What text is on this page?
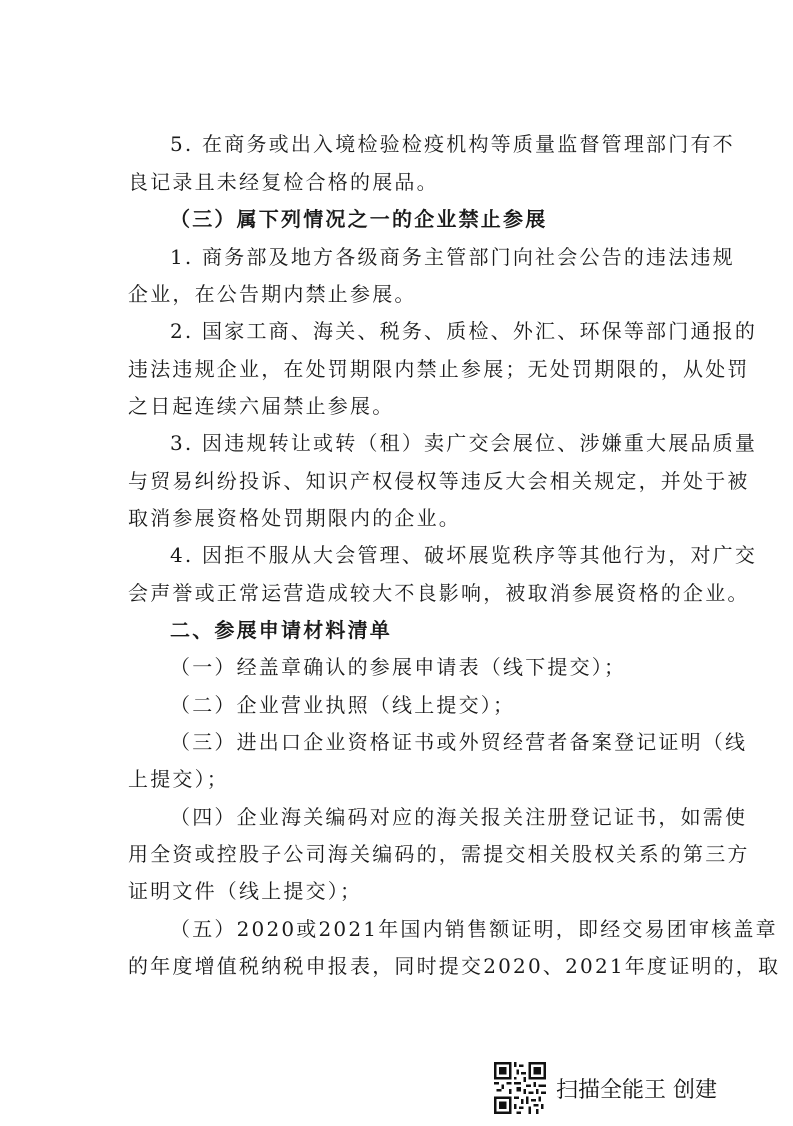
5. 在商务或出入境检验检疫机构等质量监督管理部门有不
良记录且未经复检合格的展品。
（三）属下列情况之一的企业禁止参展
1. 商务部及地方各级商务主管部门向社会公告的违法违规
企业，在公告期内禁止参展。
2. 国家工商、海关、税务、质检、外汇、环保等部门通报的
违法违规企业，在处罚期限内禁止参展；无处罚期限的，从处罚
之日起连续六届禁止参展。
3. 因违规转让或转（租）卖广交会展位、涉嫌重大展品质量
与贸易纠纷投诉、知识产权侵权等违反大会相关规定，并处于被
取消参展资格处罚期限内的企业。
4. 因拒不服从大会管理、破坏展览秩序等其他行为，对广交
会声誉或正常运营造成较大不良影响，被取消参展资格的企业。
二、参展申请材料清单
（一）经盖章确认的参展申请表（线下提交）；
（二）企业营业执照（线上提交）；
（三）进出口企业资格证书或外贸经营者备案登记证明（线
上提交）；
（四）企业海关编码对应的海关报关注册登记证书，如需使
用全资或控股子公司海关编码的，需提交相关股权关系的第三方
证明文件（线上提交）；
（五）2020或2021年国内销售额证明，即经交易团审核盖章
的年度增值税纳税申报表，同时提交2020、2021年度证明的，取
扫描全能王 创建
